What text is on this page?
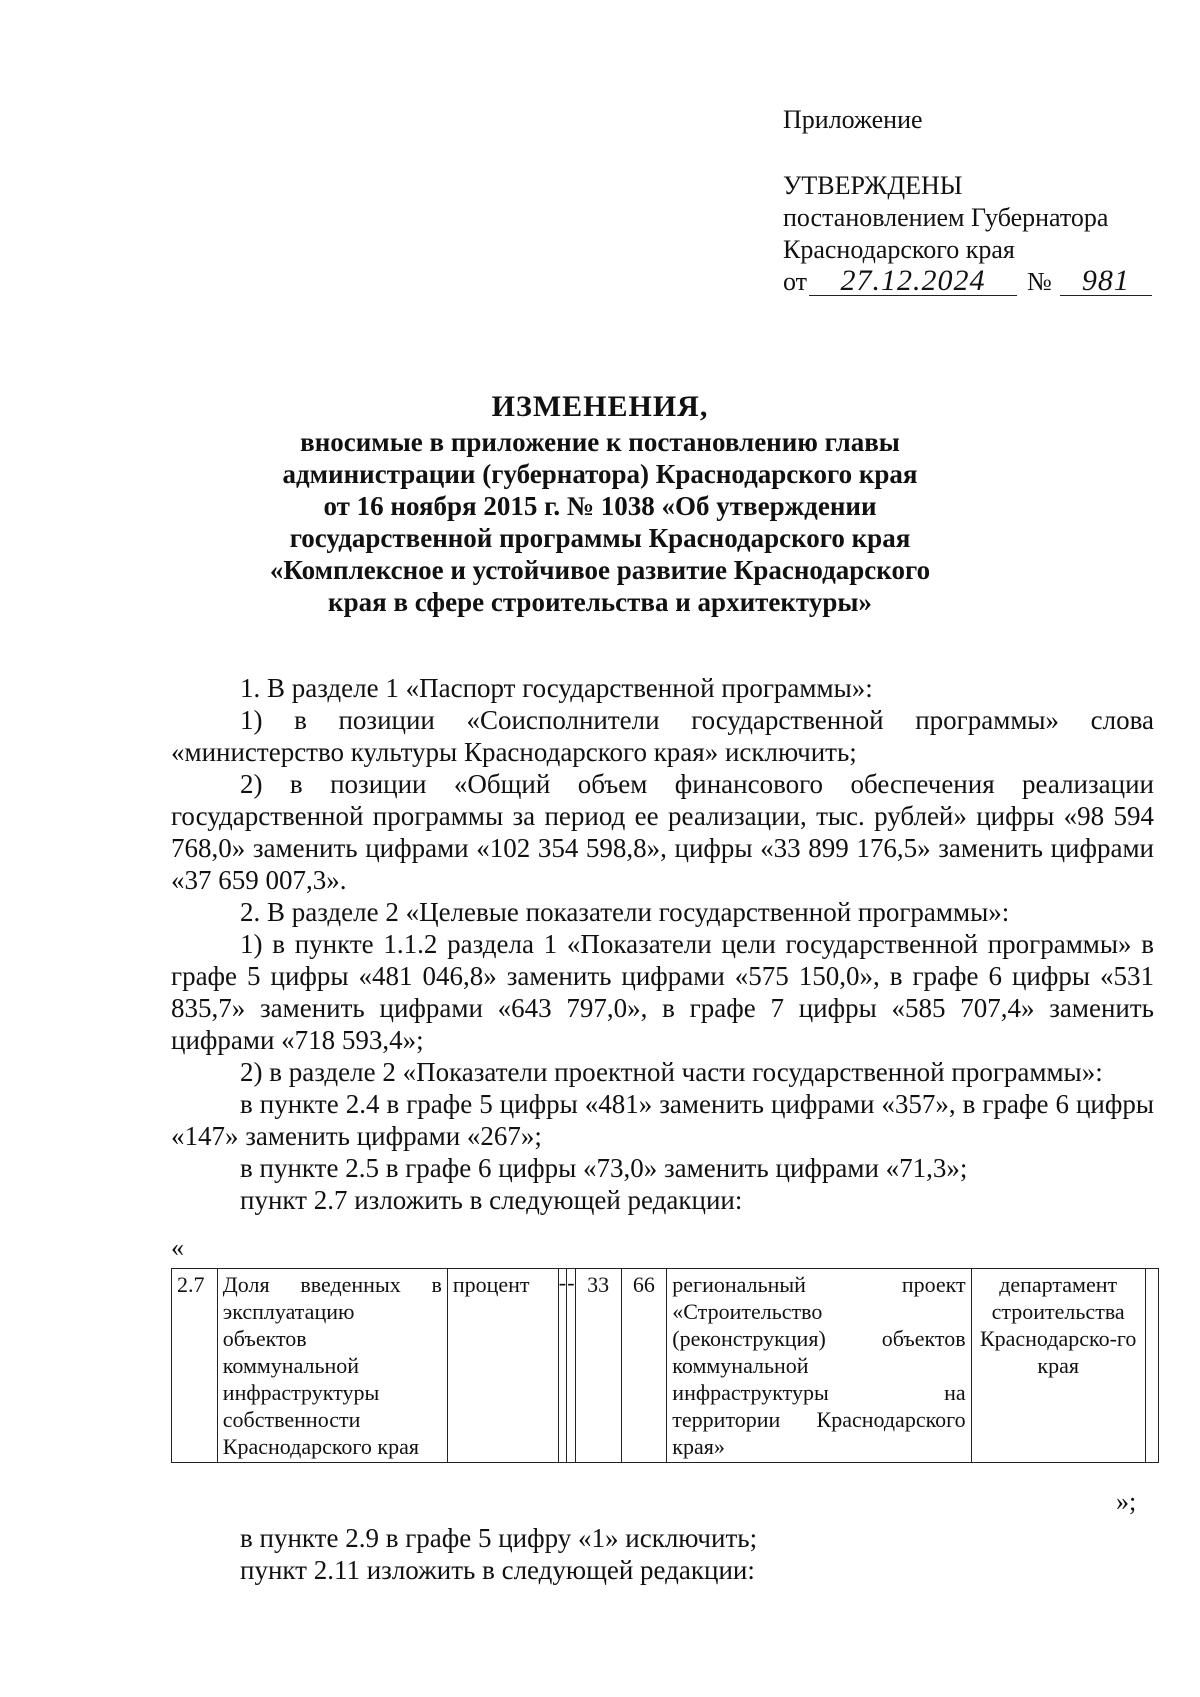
Приложение
УТВЕРЖДЕНЫ
постановлением Губернатора
Краснодарского края
от 27.12.2024 № 981
ИЗМЕНЕНИЯ,
вносимые в приложение к постановлению главы
администрации (губернатора) Краснодарского края
от 16 ноября 2015 г. № 1038 «Об утверждении
государственной программы Краснодарского края
«Комплексное и устойчивое развитие Краснодарского
края в сфере строительства и архитектуры»

1. В разделе 1 «Паспорт государственной программы»:

1) в позиции «Соисполнители государственной программы» слова «министерство культуры Краснодарского края» исключить;

2) в позиции «Общий объем финансового обеспечения реализации государственной программы за период ее реализации, тыс. рублей» цифры «98 594 768,0» заменить цифрами «102 354 598,8», цифры «33 899 176,5» заменить цифрами «37 659 007,3».

2. В разделе 2 «Целевые показатели государственной программы»:

1) в пункте 1.1.2 раздела 1 «Показатели цели государственной программы» в графе 5 цифры «481 046,8» заменить цифрами «575 150,0», в графе 6 цифры «531 835,7» заменить цифрами «643 797,0», в графе 7 цифры «585 707,4» заменить цифрами «718 593,4»;

2) в разделе 2 «Показатели проектной части государственной программы»:

в пункте 2.4 в графе 5 цифры «481» заменить цифрами «357», в графе 6 цифры «147» заменить цифрами «267»;

в пункте 2.5 в графе 6 цифры «73,0» заменить цифрами «71,3»;

пункт 2.7 изложить в следующей редакции:

«
2.7	Доля введенных в эксплуатацию объектов коммунальной инфраструктуры собственности Краснодарского края	процент	-	-	33	66	региональный проект «Строительство (реконструкция) объектов коммунальной инфраструктуры на территории Краснодарского края»	департамент строительства Краснодарско-го края	
»;

в пункте 2.9 в графе 5 цифру «1» исключить;

пункт 2.11 изложить в следующей редакции:
